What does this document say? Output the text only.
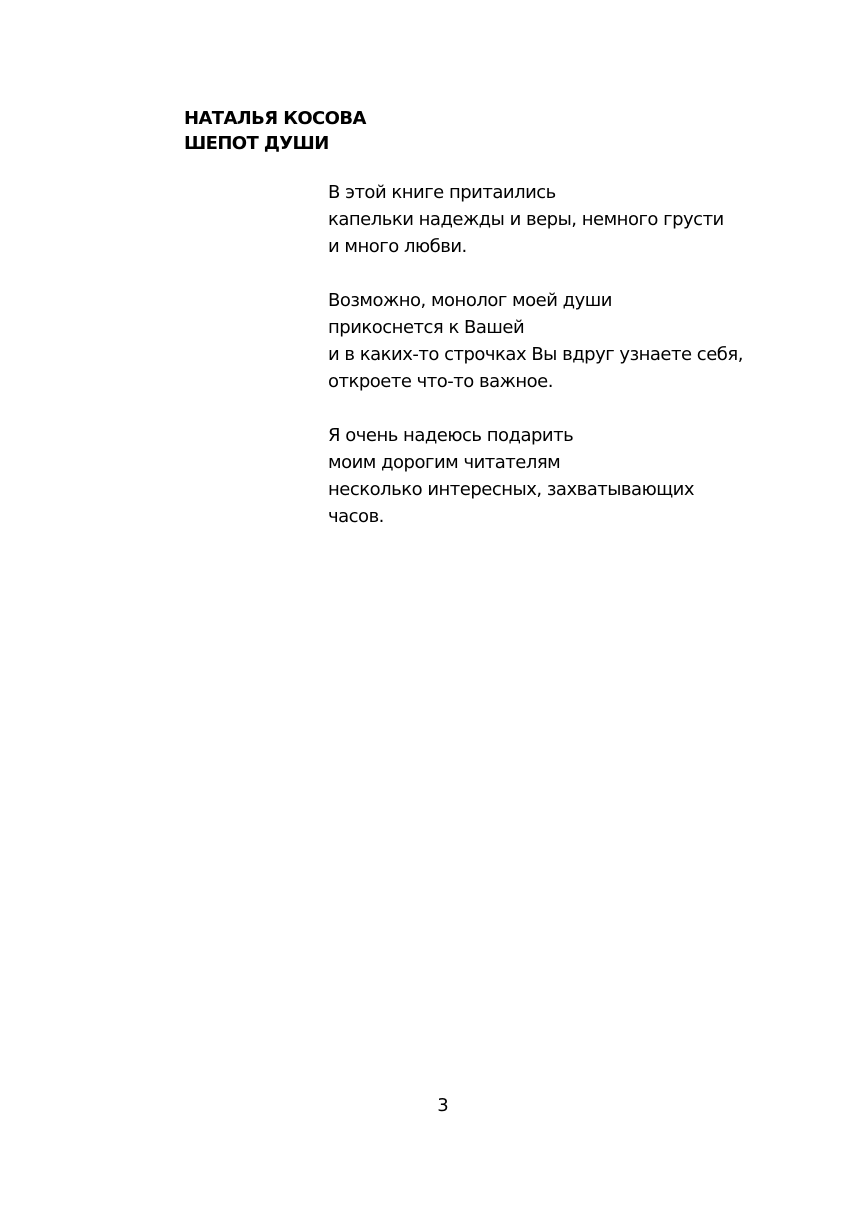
НАТАЛЬЯ КОСОВА
ШЕПОТ ДУШИ
В этой книге притаились
капельки надежды и веры, немного грусти
и много любви.
Возможно, монолог моей души
прикоснется к Вашей
и в каких-то строчках Вы вдруг узнаете себя,
откроете что-то важное.
Я очень надеюсь подарить
моим дорогим читателям
несколько интересных, захватывающих
часов.
3
